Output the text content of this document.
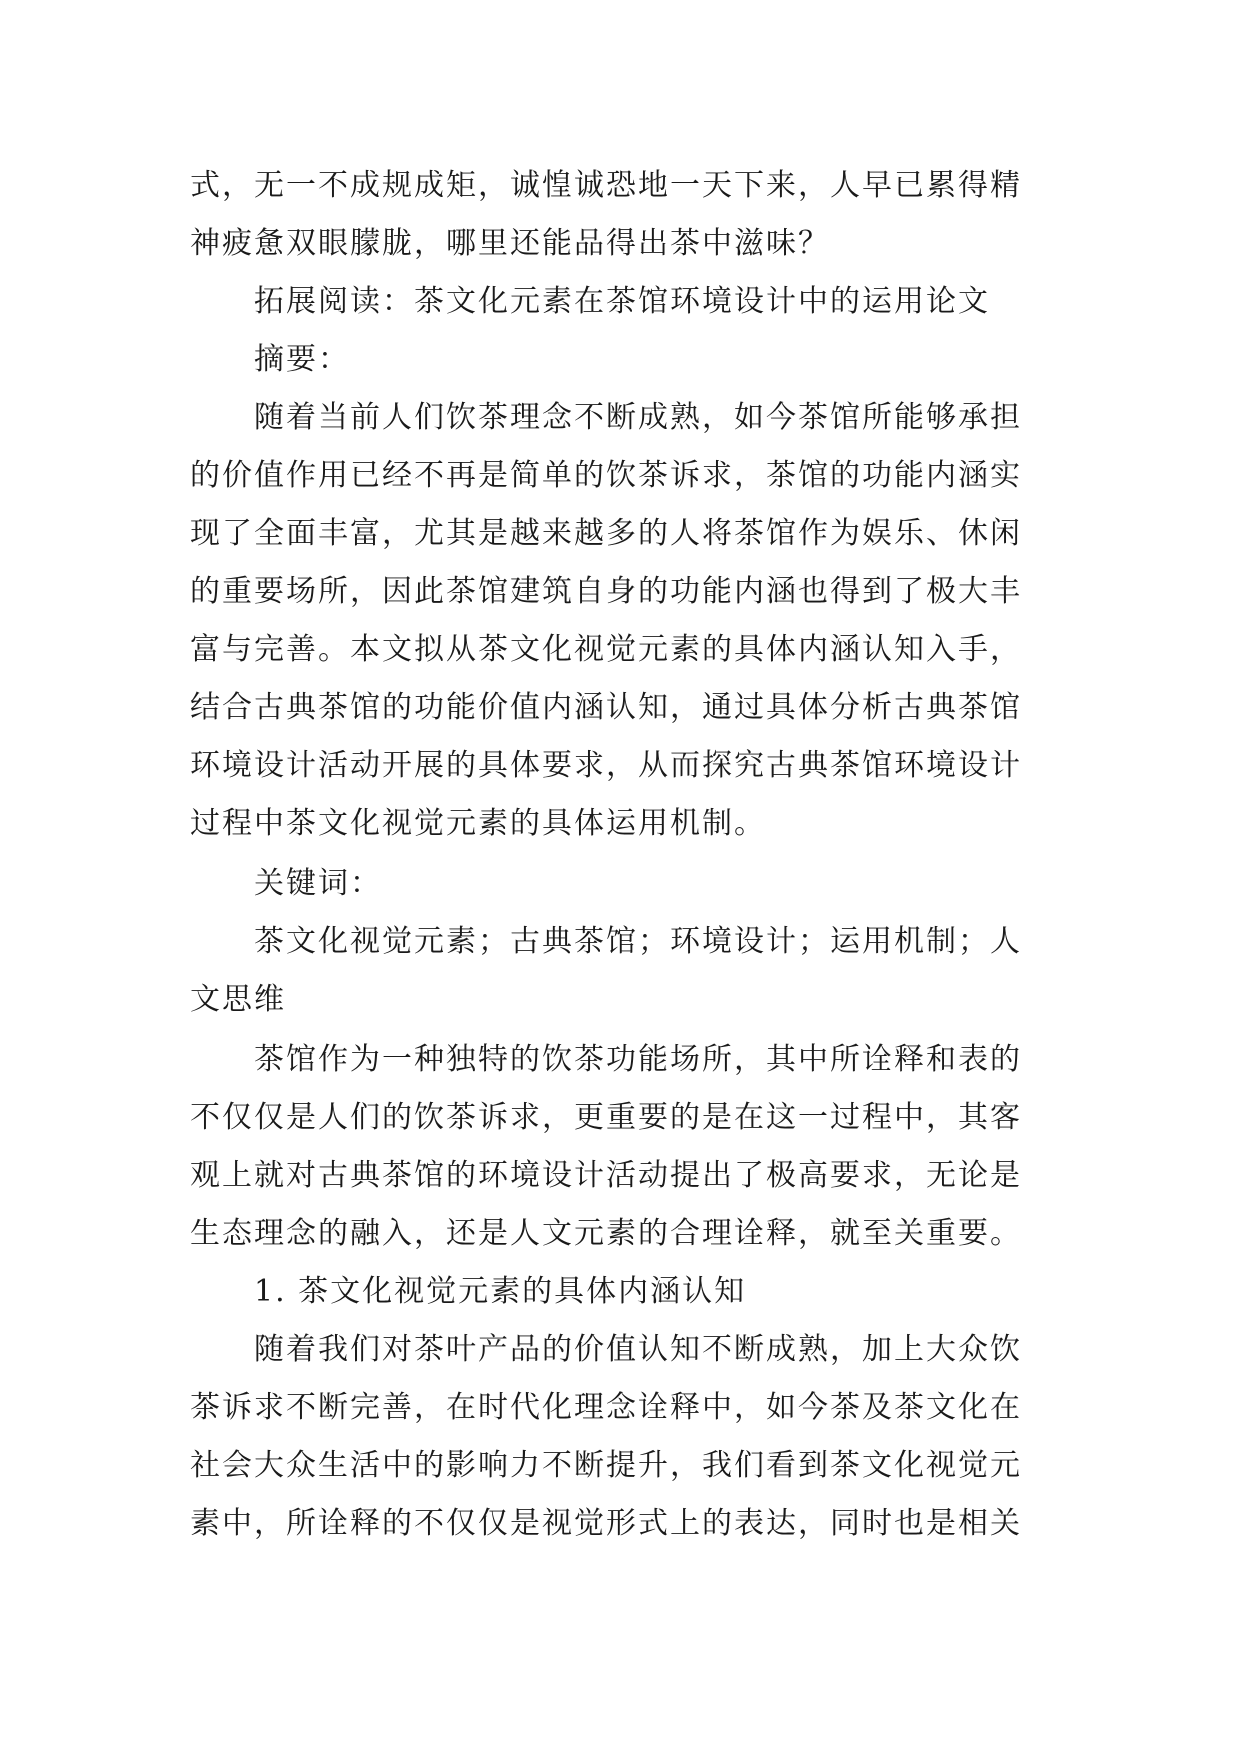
式，无一不成规成矩，诚惶诚恐地一天下来，人早已累得精

神疲惫双眼朦胧，哪里还能品得出茶中滋味？

拓展阅读：茶文化元素在茶馆环境设计中的运用论文

摘要：

随着当前人们饮茶理念不断成熟，如今茶馆所能够承担

的价值作用已经不再是简单的饮茶诉求，茶馆的功能内涵实

现了全面丰富，尤其是越来越多的人将茶馆作为娱乐、休闲

的重要场所，因此茶馆建筑自身的功能内涵也得到了极大丰

富与完善。本文拟从茶文化视觉元素的具体内涵认知入手，

结合古典茶馆的功能价值内涵认知，通过具体分析古典茶馆

环境设计活动开展的具体要求，从而探究古典茶馆环境设计

过程中茶文化视觉元素的具体运用机制。

关键词：

茶文化视觉元素；古典茶馆；环境设计；运用机制；人

文思维

茶馆作为一种独特的饮茶功能场所，其中所诠释和表的

不仅仅是人们的饮茶诉求，更重要的是在这一过程中，其客

观上就对古典茶馆的环境设计活动提出了极高要求，无论是

生态理念的融入，还是人文元素的合理诠释，就至关重要。

1. 茶文化视觉元素的具体内涵认知

随着我们对茶叶产品的价值认知不断成熟，加上大众饮

茶诉求不断完善，在时代化理念诠释中，如今茶及茶文化在

社会大众生活中的影响力不断提升，我们看到茶文化视觉元

素中，所诠释的不仅仅是视觉形式上的表达，同时也是相关
